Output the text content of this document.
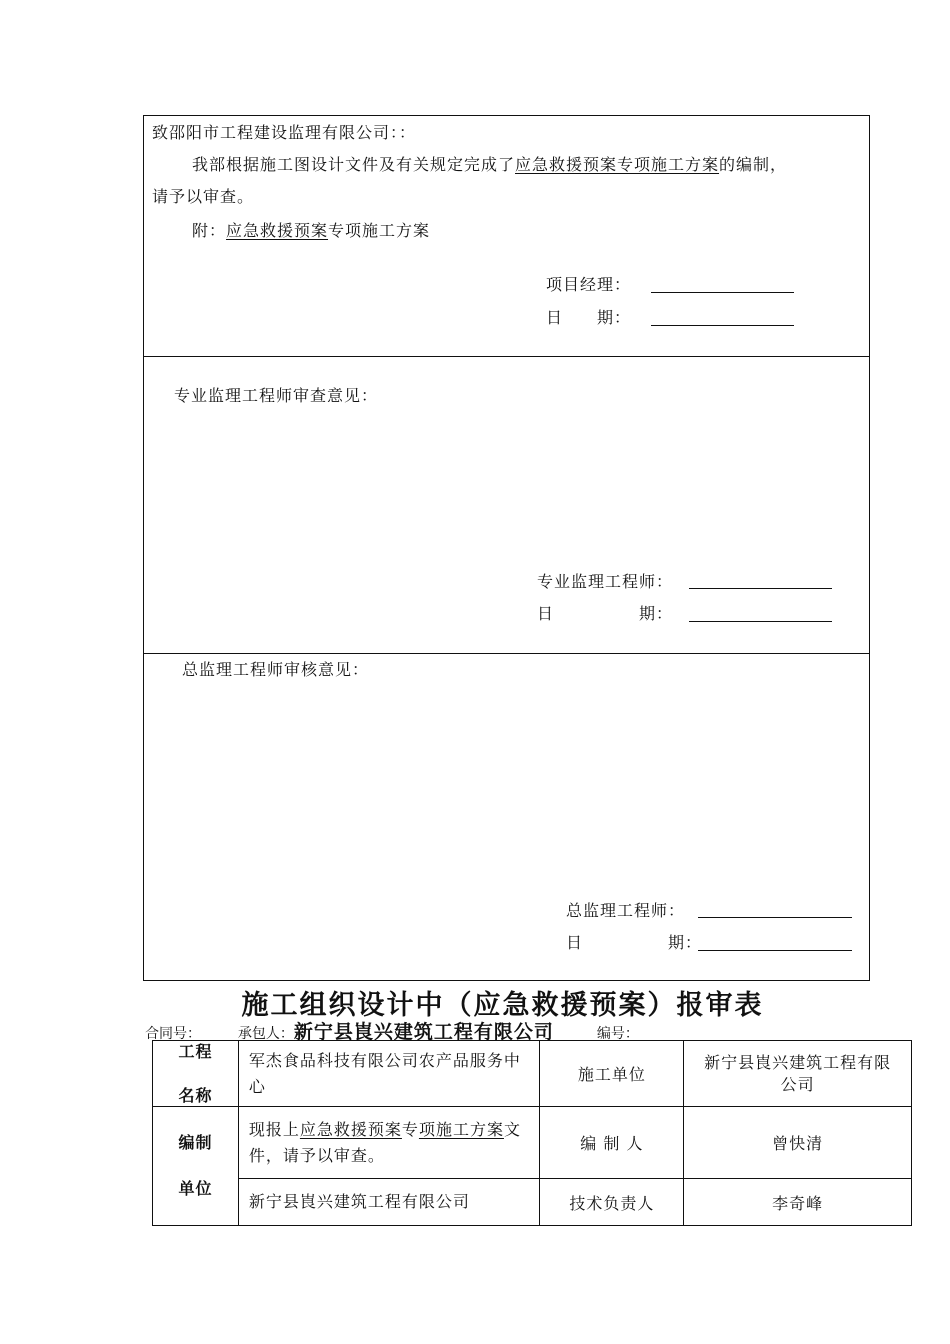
致邵阳市工程建设监理有限公司：：
我部根据施工图设计文件及有关规定完成了应急救援预案专项施工方案的编制，
请予以审查。
附：应急救援预案专项施工方案
项目经理：
日　　期：
专业监理工程师审查意见：
专业监理工程师：
日　　　　　期：
总监理工程师审核意见：
总监理工程师：
日　　　　　期：
施工组织设计中（应急救援预案）报审表
合同号：	承包人：新宁县崀兴建筑工程有限公司	编号：
工程
名称	军杰食品科技有限公司农产品服务中心	施工单位	新宁县崀兴建筑工程有限公司

编制
单位	现报上应急救援预案专项施工方案文件，请予以审查。	编 制 人	曾快清
	新宁县崀兴建筑工程有限公司	技术负责人	李奇峰
